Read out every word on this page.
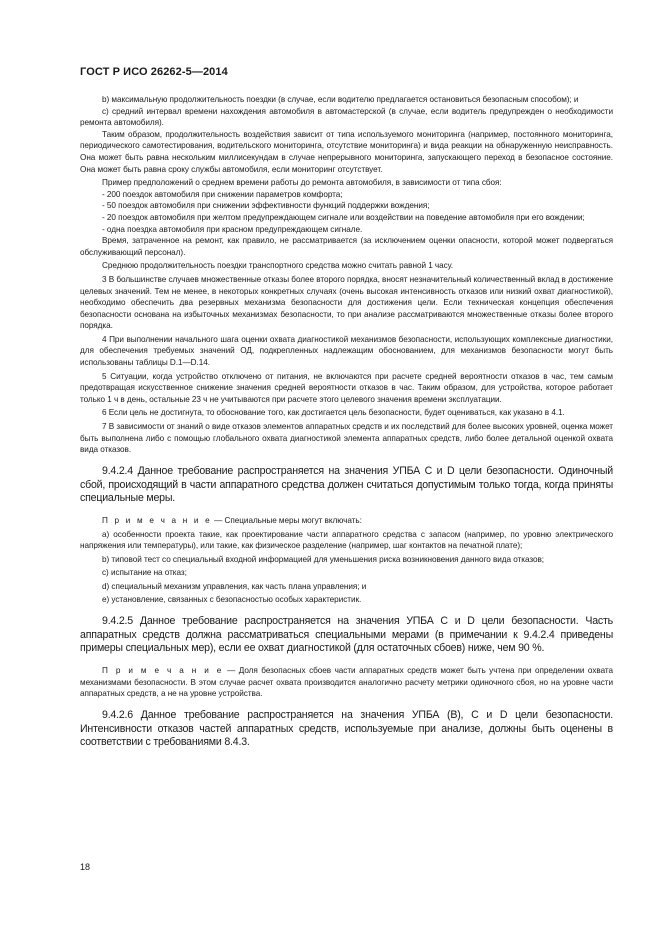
ГОСТ Р ИСО 26262-5—2014

b) максимальную продолжительность поездки (в случае, если водителю предлагается остановиться безопасным способом); и

c) средний интервал времени нахождения автомобиля в автомастерской (в случае, если водитель предупрежден о необходимости ремонта автомобиля).

Таким образом, продолжительность воздействия зависит от типа используемого мониторинга (например, постоянного мониторинга, периодического самотестирования, водительского мониторинга, отсутствие мониторинга) и вида реакции на обнаруженную неисправность. Она может быть равна нескольким миллисекундам в случае непрерывного мониторинга, запускающего переход в безопасное состояние. Она может быть равна сроку службы автомобиля, если мониторинг отсутствует.

Пример предположений о среднем времени работы до ремонта автомобиля, в зависимости от типа сбоя:

- 200 поездок автомобиля при снижении параметров комфорта;

- 50 поездок автомобиля при снижении эффективности функций поддержки вождения;

- 20 поездок автомобиля при желтом предупреждающем сигнале или воздействии на поведение автомобиля при его вождении;

- одна поездка автомобиля при красном предупреждающем сигнале.

Время, затраченное на ремонт, как правило, не рассматривается (за исключением оценки опасности, которой может подвергаться обслуживающий персонал).

Среднюю продолжительность поездки транспортного средства можно считать равной 1 часу.

3 В большинстве случаев множественные отказы более второго порядка, вносят незначительный количественный вклад в достижение целевых значений. Тем не менее, в некоторых конкретных случаях (очень высокая интенсивность отказов или низкий охват диагностикой), необходимо обеспечить два резервных механизма безопасности для достижения цели. Если техническая концепция обеспечения безопасности основана на избыточных механизмах безопасности, то при анализе рассматриваются множественные отказы более второго порядка.

4 При выполнении начального шага оценки охвата диагностикой механизмов безопасности, использующих комплексные диагностики, для обеспечения требуемых значений ОД, подкрепленных надлежащим обоснованием, для механизмов безопасности могут быть использованы таблицы D.1—D.14.

5 Ситуации, когда устройство отключено от питания, не включаются при расчете средней вероятности отказов в час, тем самым предотвращая искусственное снижение значения средней вероятности отказов в час. Таким образом, для устройства, которое работает только 1 ч в день, остальные 23 ч не учитываются при расчете этого целевого значения времени эксплуатации.

6 Если цель не достигнута, то обоснование того, как достигается цель безопасности, будет оцениваться, как указано в 4.1.

7 В зависимости от знаний о виде отказов элементов аппаратных средств и их последствий для более высоких уровней, оценка может быть выполнена либо с помощью глобального охвата диагностикой элемента аппаратных средств, либо более детальной оценкой охвата вида отказов.

9.4.2.4 Данное требование распространяется на значения УПБА C и D цели безопасности. Одиночный сбой, происходящий в части аппаратного средства должен считаться допустимым только тогда, когда приняты специальные меры.

П р и м е ч а н и е — Специальные меры могут включать:

a) особенности проекта такие, как проектирование части аппаратного средства с запасом (например, по уровню электрического напряжения или температуры), или такие, как физическое разделение (например, шаг контактов на печатной плате);

b) типовой тест со специальный входной информацией для уменьшения риска возникновения данного вида отказов;

c) испытание на отказ;

d) специальный механизм управления, как часть плана управления; и

e) установление, связанных с безопасностью особых характеристик.

9.4.2.5 Данное требование распространяется на значения УПБА C и D цели безопасности. Часть аппаратных средств должна рассматриваться специальными мерами (в примечании к 9.4.2.4 приведены примеры специальных мер), если ее охват диагностикой (для остаточных сбоев) ниже, чем 90 %.

П р и м е ч а н и е — Доля безопасных сбоев части аппаратных средств может быть учтена при определении охвата механизмами безопасности. В этом случае расчет охвата производится аналогично расчету метрики одиночного сбоя, но на уровне части аппаратных средств, а не на уровне устройства.

9.4.2.6 Данное требование распространяется на значения УПБА (B), C и D цели безопасности. Интенсивности отказов частей аппаратных средств, используемые при анализе, должны быть оценены в соответствии с требованиями 8.4.3.

18
